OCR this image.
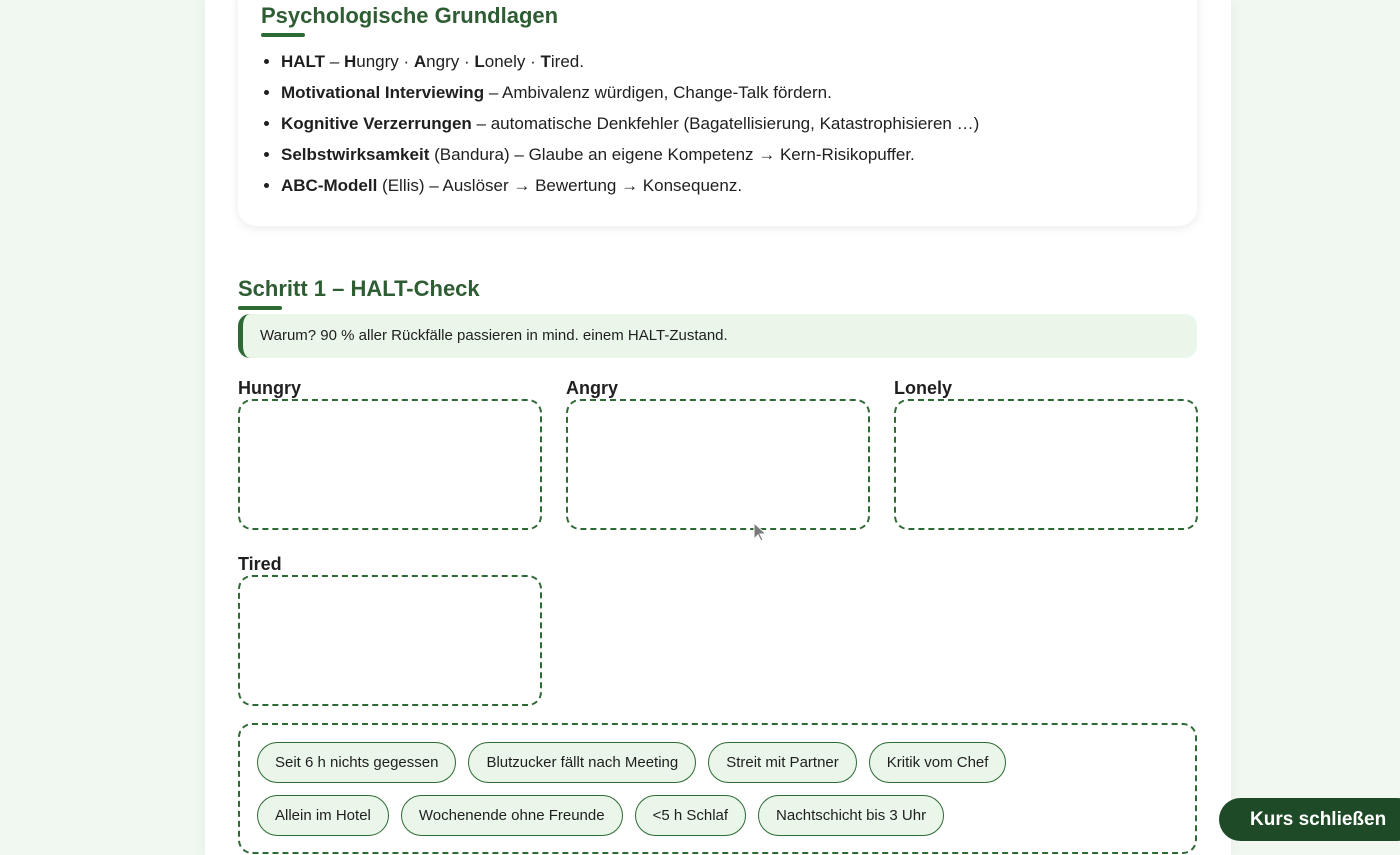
Psychologische Grundlagen
• HALT – Hungry · Angry · Lonely · Tired.
• Motivational Interviewing – Ambivalenz würdigen, Change-Talk fördern.
• Kognitive Verzerrungen – automatische Denkfehler (Bagatellisierung, Katastrophisieren …)
• Selbstwirksamkeit (Bandura) – Glaube an eigene Kompetenz → Kern-Risikopuffer.
• ABC-Modell (Ellis) – Auslöser → Bewertung → Konsequenz.
Schritt 1 – HALT-Check
Warum? 90 % aller Rückfälle passieren in mind. einem HALT-Zustand.
Hungry	Angry	Lonely
Tired
Seit 6 h nichts gegessen	Blutzucker fällt nach Meeting	Streit mit Partner	Kritik vom Chef
Allein im Hotel	Wochenende ohne Freunde	<5 h Schlaf	Nachtschicht bis 3 Uhr	Kurs schließen
